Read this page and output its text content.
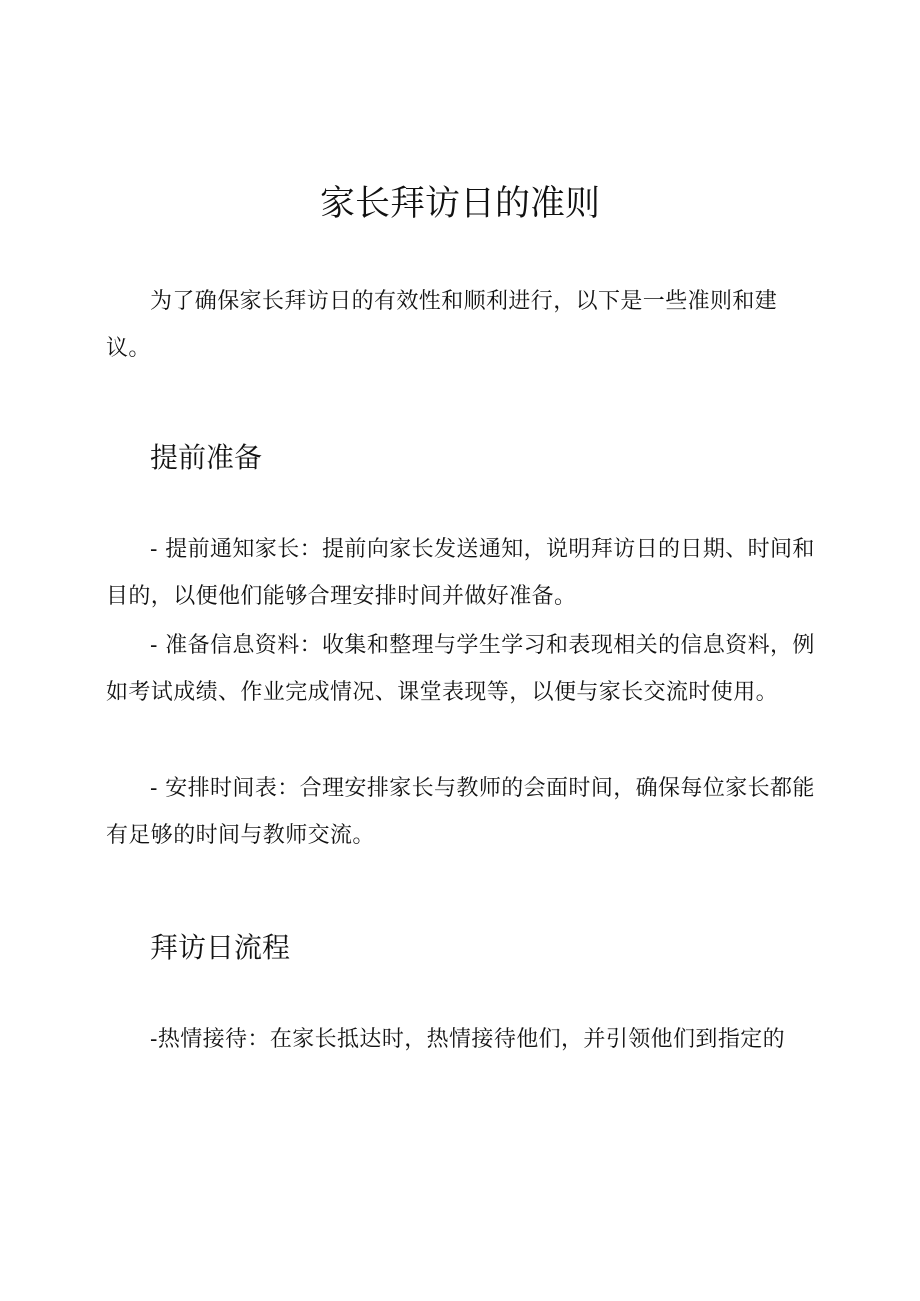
家长拜访日的准则

为了确保家长拜访日的有效性和顺利进行，以下是一些准则和建议。

提前准备

- 提前通知家长：提前向家长发送通知，说明拜访日的日期、时间和目的，以便他们能够合理安排时间并做好准备。

- 准备信息资料：收集和整理与学生学习和表现相关的信息资料，例如考试成绩、作业完成情况、课堂表现等，以便与家长交流时使用。

- 安排时间表：合理安排家长与教师的会面时间，确保每位家长都能有足够的时间与教师交流。

拜访日流程

-热情接待：在家长抵达时，热情接待他们，并引领他们到指定的
